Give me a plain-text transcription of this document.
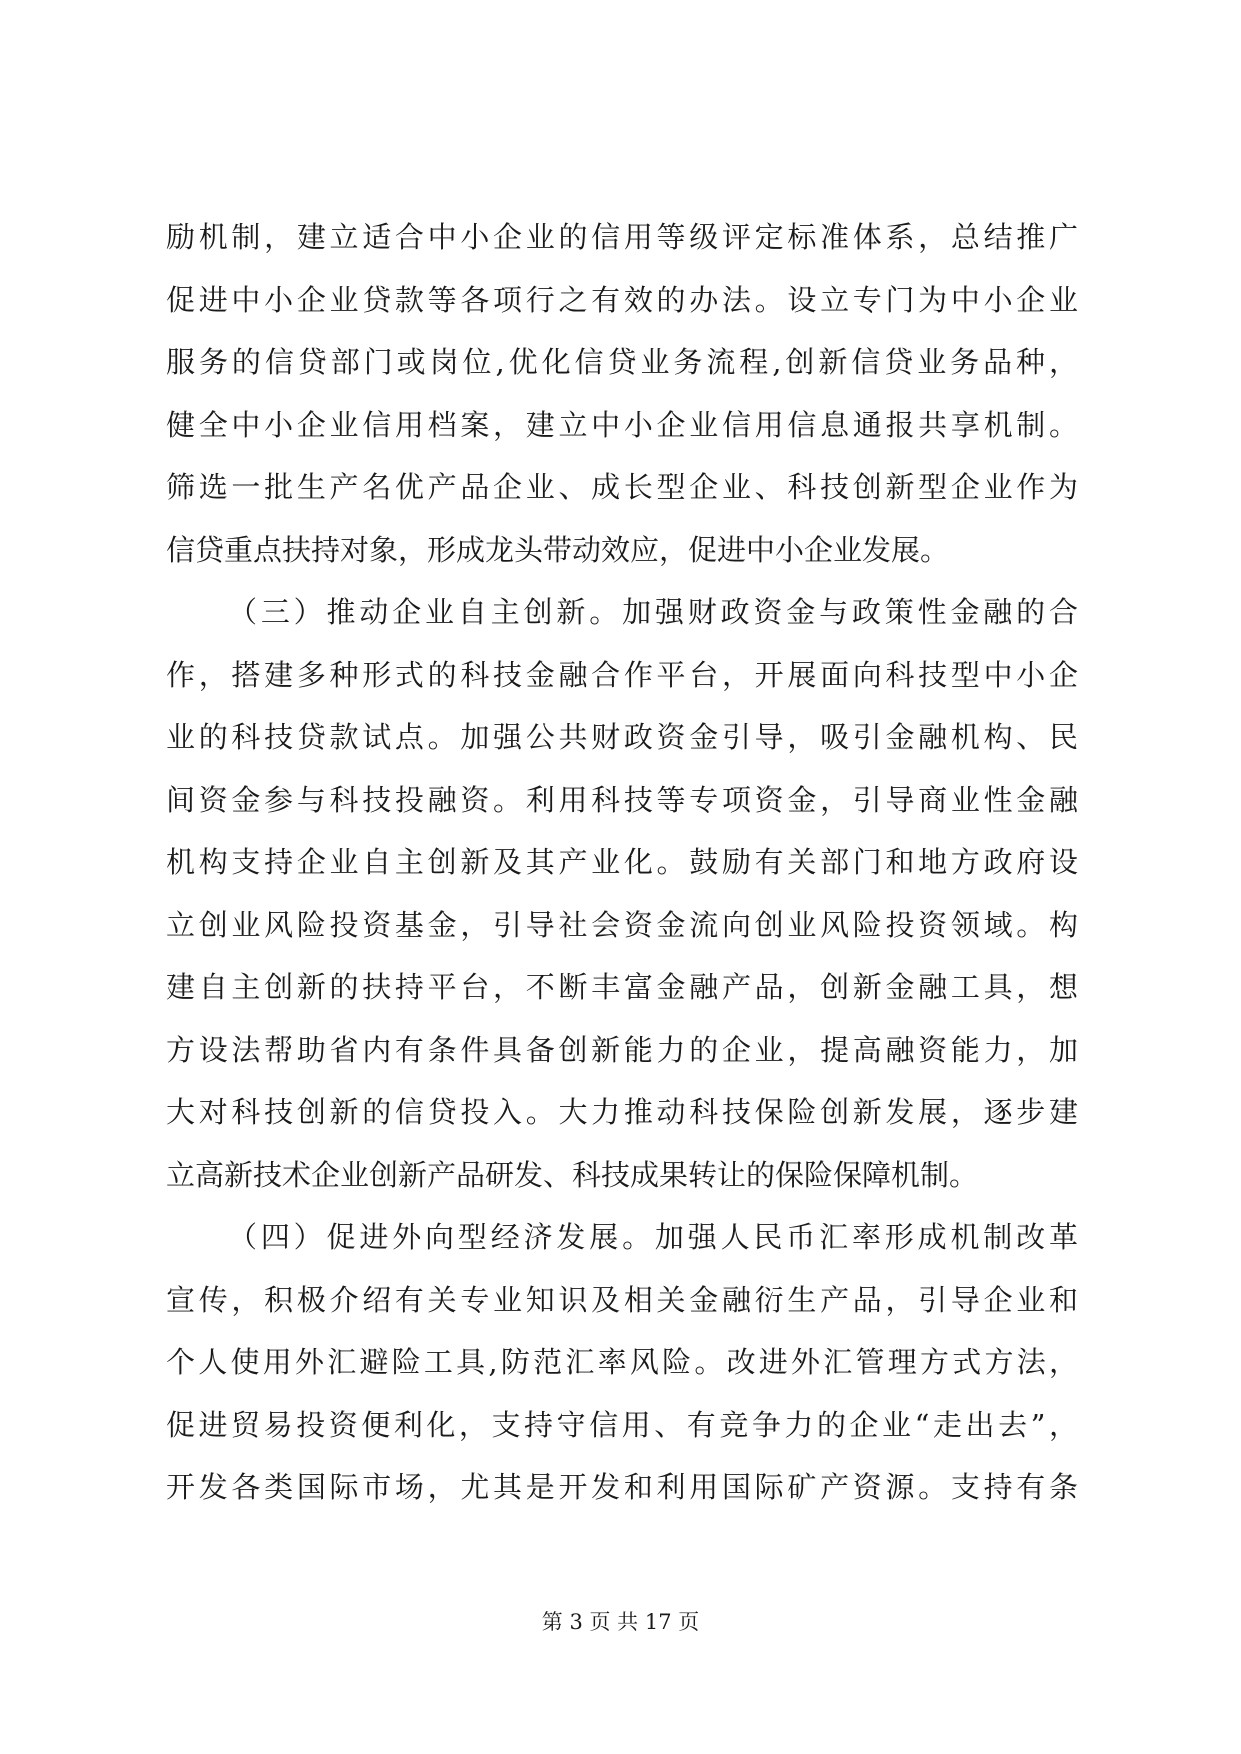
励机制，建立适合中小企业的信用等级评定标准体系，总结推广
促进中小企业贷款等各项行之有效的办法。设立专门为中小企业
服务的信贷部门或岗位,优化信贷业务流程,创新信贷业务品种，
健全中小企业信用档案，建立中小企业信用信息通报共享机制。
筛选一批生产名优产品企业、成长型企业、科技创新型企业作为
信贷重点扶持对象，形成龙头带动效应，促进中小企业发展。
（三）推动企业自主创新。加强财政资金与政策性金融的合
作，搭建多种形式的科技金融合作平台，开展面向科技型中小企
业的科技贷款试点。加强公共财政资金引导，吸引金融机构、民
间资金参与科技投融资。利用科技等专项资金，引导商业性金融
机构支持企业自主创新及其产业化。鼓励有关部门和地方政府设
立创业风险投资基金，引导社会资金流向创业风险投资领域。构
建自主创新的扶持平台，不断丰富金融产品，创新金融工具，想
方设法帮助省内有条件具备创新能力的企业，提高融资能力，加
大对科技创新的信贷投入。大力推动科技保险创新发展，逐步建
立高新技术企业创新产品研发、科技成果转让的保险保障机制。
（四）促进外向型经济发展。加强人民币汇率形成机制改革
宣传，积极介绍有关专业知识及相关金融衍生产品，引导企业和
个人使用外汇避险工具,防范汇率风险。改进外汇管理方式方法，
促进贸易投资便利化，支持守信用、有竞争力的企业“走出去”，
开发各类国际市场，尤其是开发和利用国际矿产资源。支持有条
第 3 页 共 17 页
